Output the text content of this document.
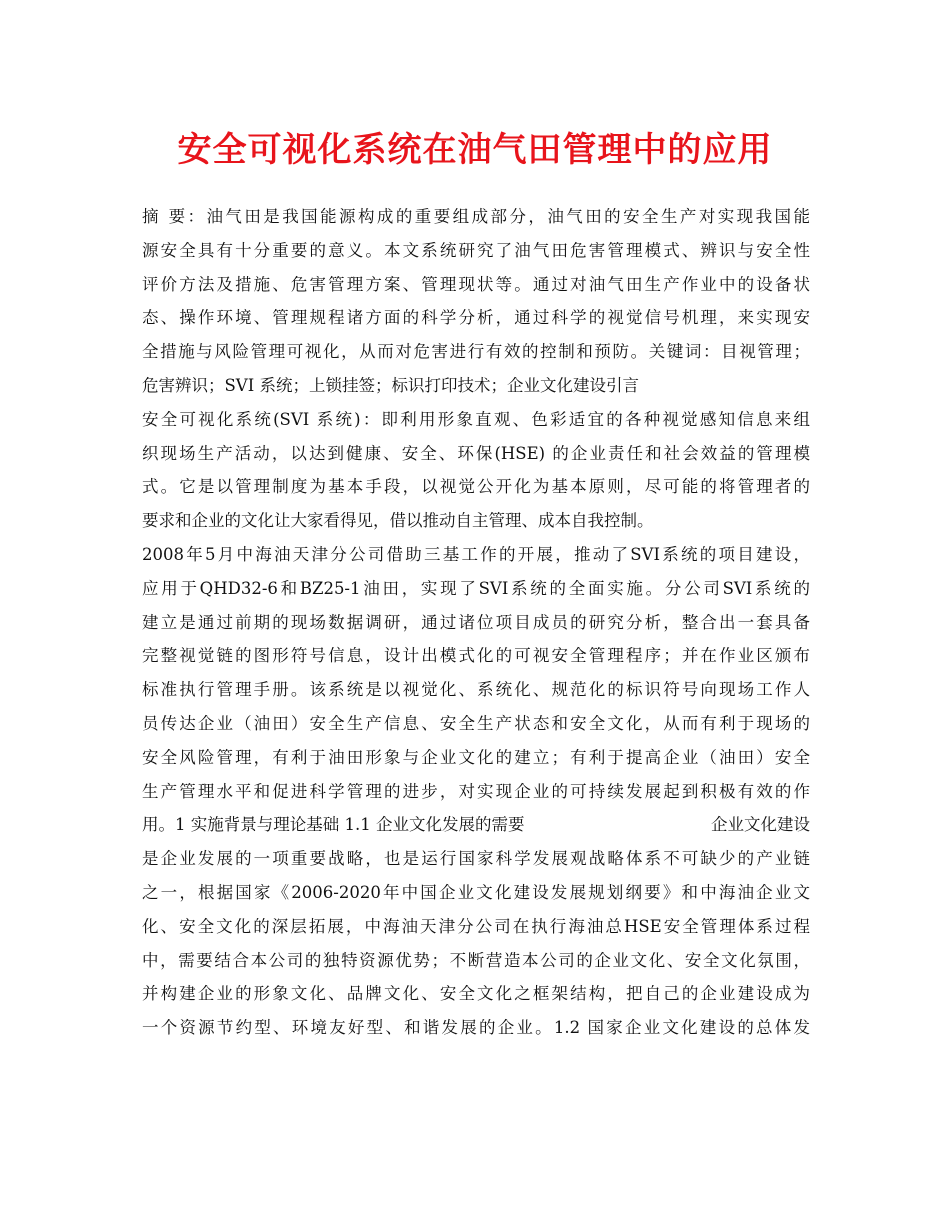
安全可视化系统在油气田管理中的应用
摘 要：油气田是我国能源构成的重要组成部分，油气田的安全生产对实现我国能
源安全具有十分重要的意义。本文系统研究了油气田危害管理模式、辨识与安全性
评价方法及措施、危害管理方案、管理现状等。通过对油气田生产作业中的设备状
态、操作环境、管理规程诸方面的科学分析，通过科学的视觉信号机理，来实现安
全措施与风险管理可视化，从而对危害进行有效的控制和预防。关键词：目视管理；
危害辨识；SVI 系统；上锁挂签；标识打印技术；企业文化建设引言
安全可视化系统(SVI 系统)：即利用形象直观、色彩适宜的各种视觉感知信息来组
织现场生产活动，以达到健康、安全、环保(HSE) 的企业责任和社会效益的管理模
式。它是以管理制度为基本手段，以视觉公开化为基本原则，尽可能的将管理者的
要求和企业的文化让大家看得见，借以推动自主管理、成本自我控制。
2008年5月中海油天津分公司借助三基工作的开展，推动了SVI系统的项目建设，
应用于QHD32-6和BZ25-1油田，实现了SVI系统的全面实施。分公司SVI系统的
建立是通过前期的现场数据调研，通过诸位项目成员的研究分析，整合出一套具备
完整视觉链的图形符号信息，设计出模式化的可视安全管理程序；并在作业区颁布
标准执行管理手册。该系统是以视觉化、系统化、规范化的标识符号向现场工作人
员传达企业（油田）安全生产信息、安全生产状态和安全文化，从而有利于现场的
安全风险管理，有利于油田形象与企业文化的建立；有利于提高企业（油田）安全
生产管理水平和促进科学管理的进步，对实现企业的可持续发展起到积极有效的作
用。1 实施背景与理论基础 1.1 企业文化发展的需要	企业文化建设
是企业发展的一项重要战略，也是运行国家科学发展观战略体系不可缺少的产业链
之一，根据国家《2006-2020年中国企业文化建设发展规划纲要》和中海油企业文
化、安全文化的深层拓展，中海油天津分公司在执行海油总HSE安全管理体系过程
中，需要结合本公司的独特资源优势；不断营造本公司的企业文化、安全文化氛围，
并构建企业的形象文化、品牌文化、安全文化之框架结构，把自己的企业建设成为
一个资源节约型、环境友好型、和谐发展的企业。1.2 国家企业文化建设的总体发
